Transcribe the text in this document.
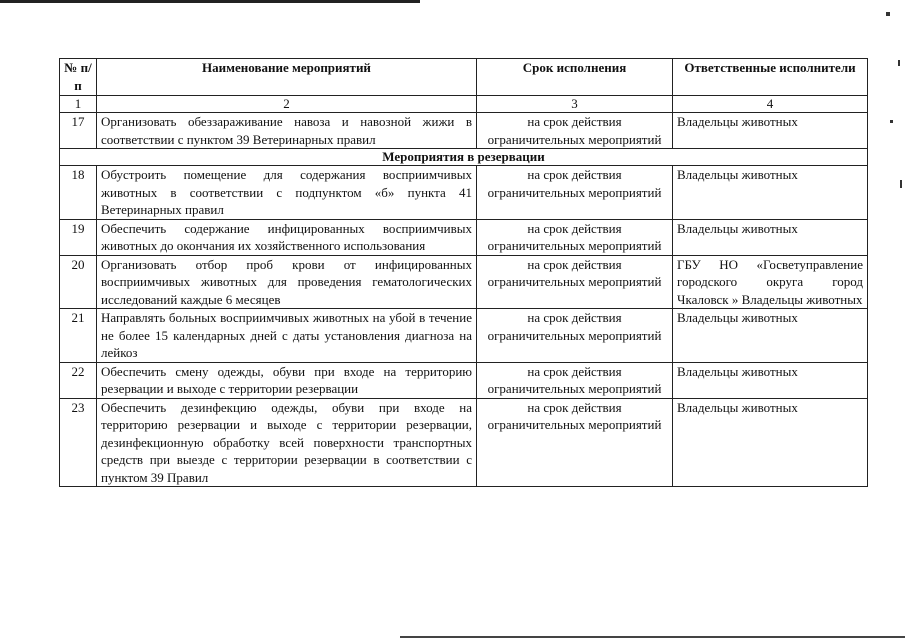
№ п/п	Наименование мероприятий	Срок исполнения	Ответственные исполнители
1	2	3	4
17	Организовать обеззараживание навоза и навозной жижи в соответствии с пунктом 39 Ветеринарных правил	на срок действия ограничительных мероприятий	Владельцы животных
Мероприятия в резервации			
18	Обустроить помещение для содержания восприимчивых животных в соответствии с подпунктом «б» пункта 41 Ветеринарных правил	на срок действия ограничительных мероприятий	Владельцы животных
19	Обеспечить содержание инфицированных восприимчивых животных до окончания их хозяйственного использования	на срок действия ограничительных мероприятий	Владельцы животных
20	Организовать отбор проб крови от инфицированных восприимчивых животных для проведения гематологических исследований каждые 6 месяцев	на срок действия ограничительных мероприятий	ГБУ НО «Госветуправление городского округа город Чкаловск » Владельцы животных
21	Направлять больных восприимчивых животных на убой в течение не более 15 календарных дней с даты установления диагноза на лейкоз	на срок действия ограничительных мероприятий	Владельцы животных
22	Обеспечить смену одежды, обуви при входе на территорию резервации и выходе с территории резервации	на срок действия ограничительных мероприятий	Владельцы животных
23	Обеспечить дезинфекцию одежды, обуви при входе на территорию резервации и выходе с территории резервации, дезинфекционную обработку всей поверхности транспортных средств при выезде с территории резервации в соответствии с пунктом 39 Правил	на срок действия ограничительных мероприятий	Владельцы животных
